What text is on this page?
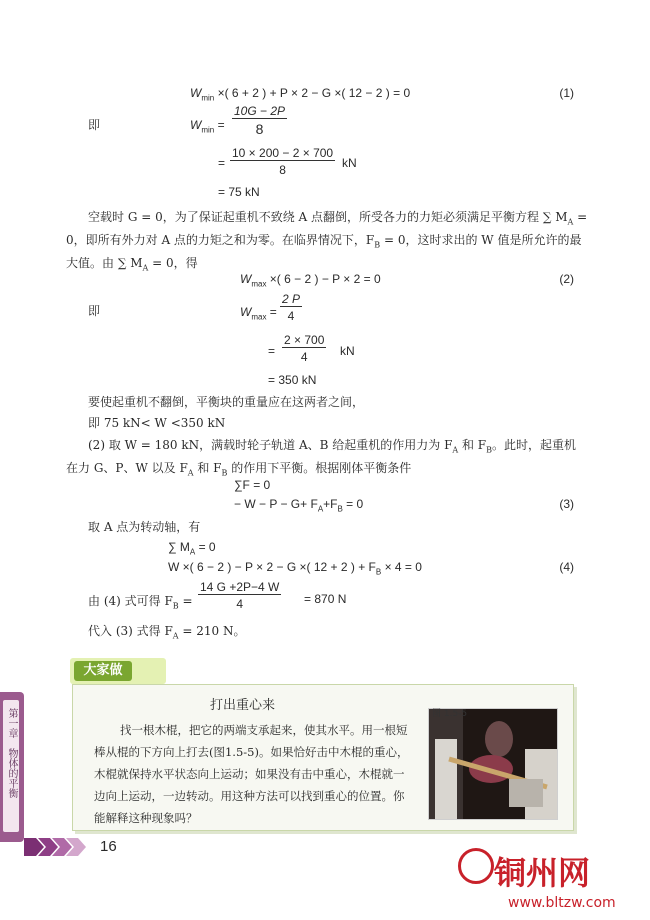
$W_{min}$ ×( 6 + 2 ) + P × 2 − G ×( 12 − 2 ) = 0	(1)
即	$W_{min} = \frac{10G - 2P}{8}$
= $\frac{10 \times 200 - 2 \times 700}{8}$ kN
= 75 kN
空载时 G = 0，为了保证起重机不致绕 A 点翻倒，所受各力的力矩必须满足平衡方程 ∑ $M_A$ =
0，即所有外力对 A 点的力矩之和为零。在临界情况下，$F_B = 0$，这时求出的 W 值是所允许的最
大值。由 ∑ $M_A = 0$，得
$W_{max}$ ×( 6 − 2 ) − P × 2 = 0	(2)
即	$W_{max} = \frac{2 P}{4}$
= $\frac{2 \times 700}{4}$ kN
= 350 kN
要使起重机不翻倒，平衡块的重量应在这两者之间，
即 75 kN< W <350 kN
(2) 取 W = 180 kN，满载时轮子轨道 A、B 给起重机的作用力为 $F_A$ 和 $F_B$。此时，起重机
在力 G、P、W 以及 $F_A$ 和 $F_B$ 的作用下平衡。根据刚体平衡条件
∑F = 0
− $W - P - G+ F_A+F_B = 0$	(3)
取 A 点为转动轴，有
∑ $M_A = 0$
W ×( 6 − 2 ) − P × 2 − G ×( 12 + 2 ) + $F_B \times 4 = 0$	(4)
由 (4) 式可得 $F_B = \frac{14 G +2P-4 W}{4} = 870$ N
代入 (3) 式得 $F_A = 210$ N。
大家做
打出重心来
找一根木棍，把它的两端支承起来，使其水平。用一根短
棒从棍的下方向上打去(图1.5-5)。如果恰好击中木棍的重心，
木棍就保持水平状态向上运动；如果没有击中重心，木棍就一
边向上运动，一边转动。用这种方法可以找到重心的位置。你
能解释这种现象吗？
图 1.5-5
第一章　物体的平衡
16
铜州网
www.bltzw.com
